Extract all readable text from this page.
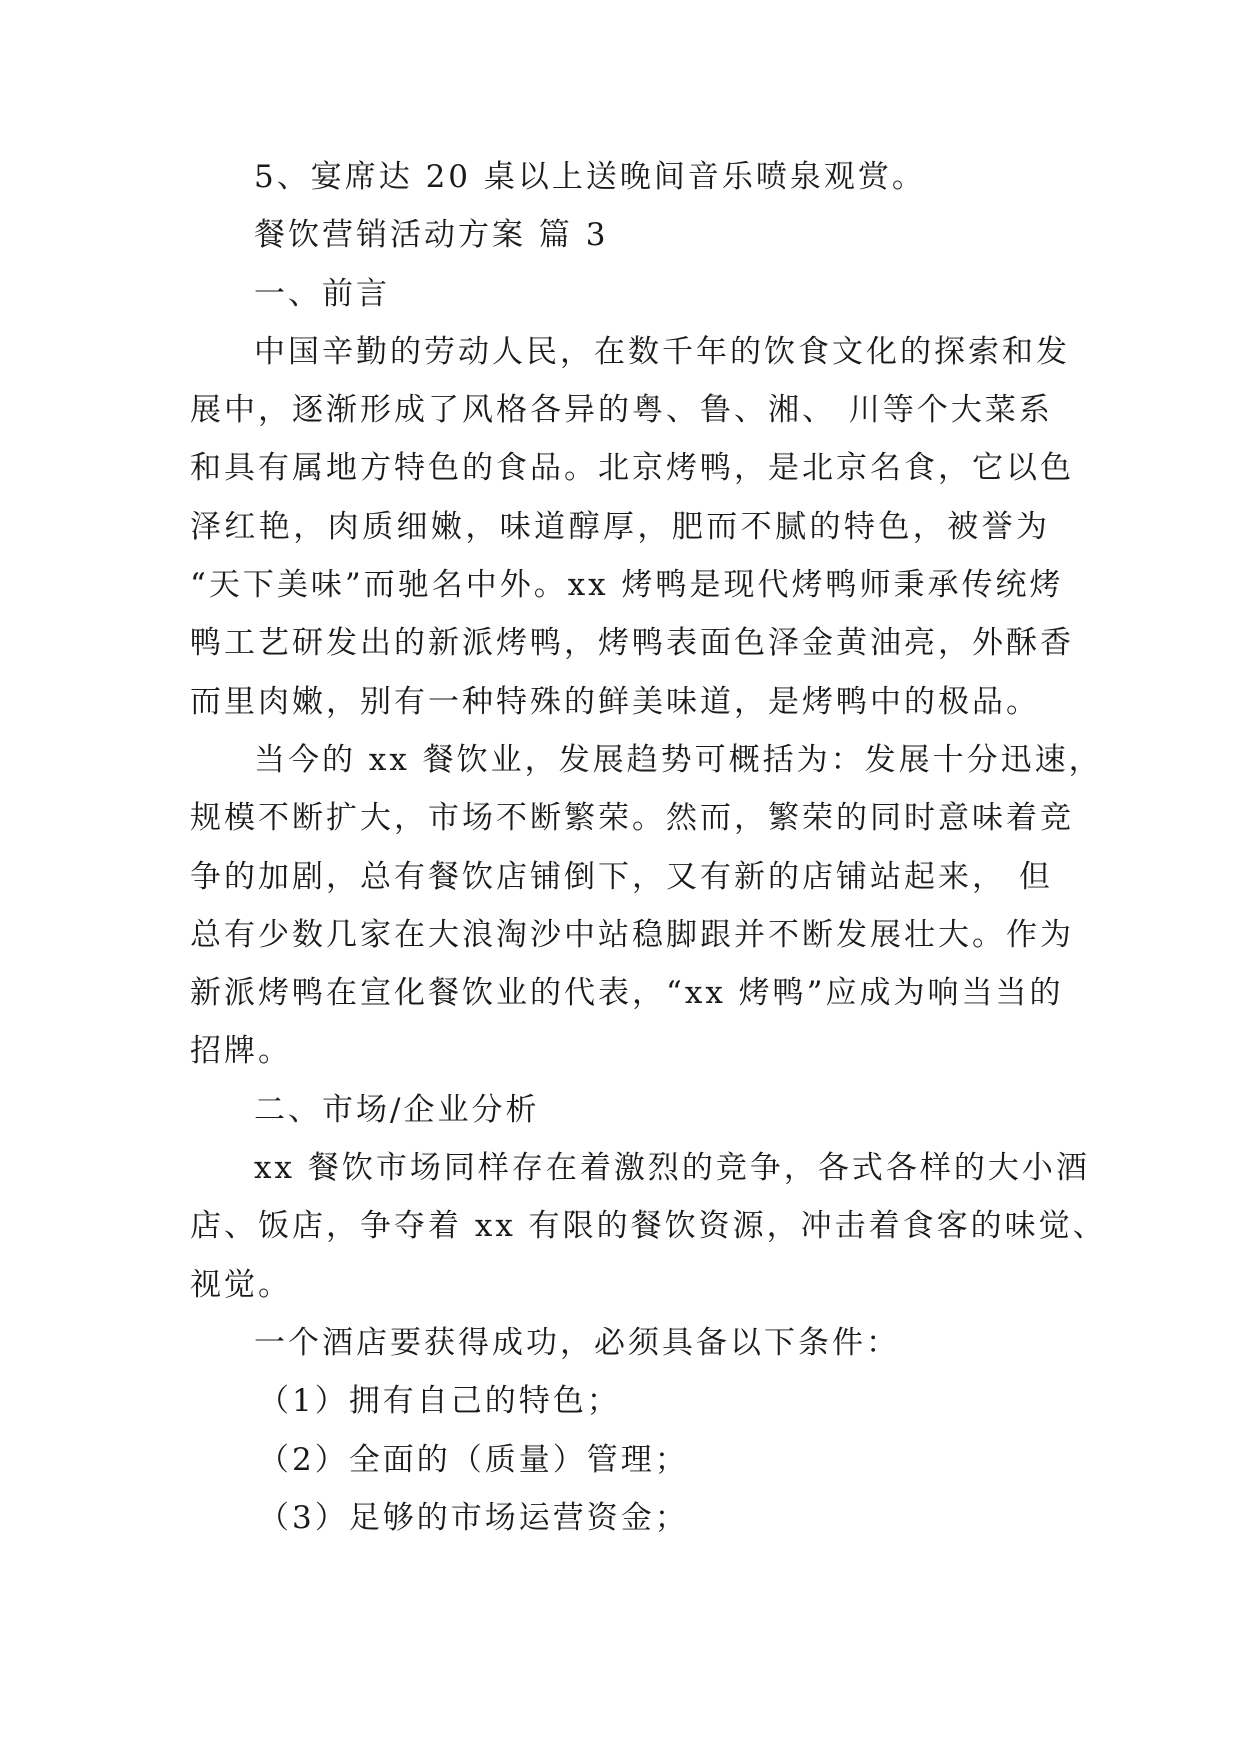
5、宴席达 20 桌以上送晚间音乐喷泉观赏。
餐饮营销活动方案 篇 3
一、前言
中国辛勤的劳动人民，在数千年的饮食文化的探索和发
展中，逐渐形成了风格各异的粤、鲁、湘、 川等个大菜系
和具有属地方特色的食品。北京烤鸭，是北京名食，它以色
泽红艳，肉质细嫩，味道醇厚，肥而不腻的特色，被誉为
“天下美味”而驰名中外。xx 烤鸭是现代烤鸭师秉承传统烤
鸭工艺研发出的新派烤鸭，烤鸭表面色泽金黄油亮，外酥香
而里肉嫩，别有一种特殊的鲜美味道，是烤鸭中的极品。
当今的 xx 餐饮业，发展趋势可概括为：发展十分迅速，
规模不断扩大，市场不断繁荣。然而，繁荣的同时意味着竞
争的加剧，总有餐饮店铺倒下，又有新的店铺站起来， 但
总有少数几家在大浪淘沙中站稳脚跟并不断发展壮大。作为
新派烤鸭在宣化餐饮业的代表，“xx 烤鸭”应成为响当当的
招牌。
二、市场/企业分析
xx 餐饮市场同样存在着激烈的竞争，各式各样的大小酒
店、饭店，争夺着 xx 有限的餐饮资源，冲击着食客的味觉、
视觉。
一个酒店要获得成功，必须具备以下条件：
（1）拥有自己的特色；
（2）全面的（质量）管理；
（3）足够的市场运营资金；
